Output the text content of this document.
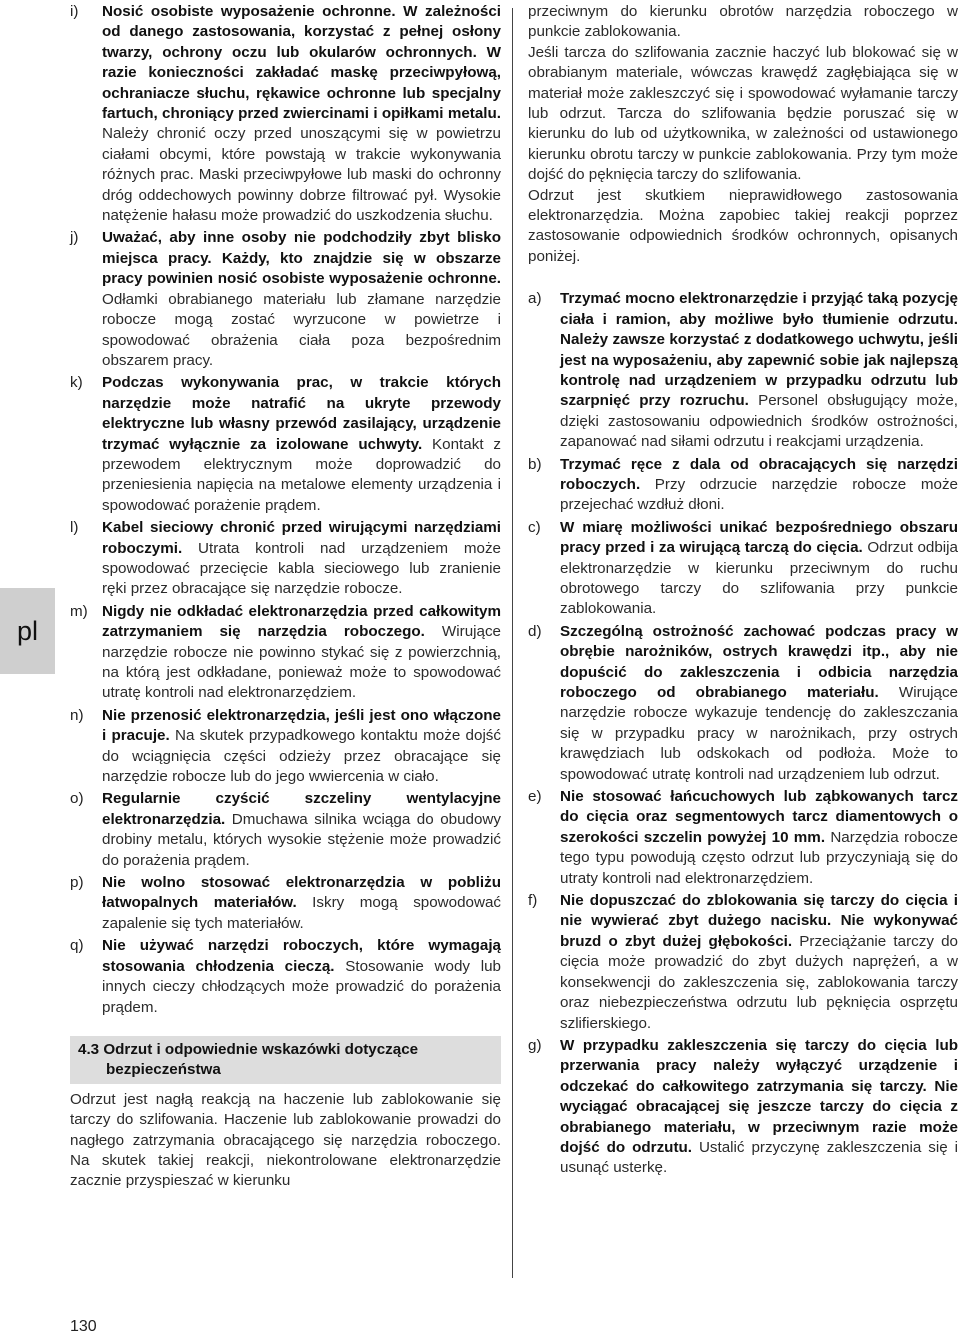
pl
130
i)	Nosić osobiste wyposażenie ochronne. W zależności od danego zastosowania, korzystać z pełnej osłony twarzy, ochrony oczu lub okularów ochronnych. W razie konieczności zakładać maskę przeciwpyłową, ochraniacze słuchu, rękawice ochronne lub specjalny fartuch, chroniący przed zwiercinami i opiłkami metalu. Należy chronić oczy przed unoszącymi się w powietrzu ciałami obcymi, które powstają w trakcie wykonywania różnych prac. Maski przeciwpyłowe lub maski do ochronny dróg oddechowych powinny dobrze filtrować pył. Wysokie natężenie hałasu może prowadzić do uszkodzenia słuchu.
j)	Uważać, aby inne osoby nie podchodziły zbyt blisko miejsca pracy. Każdy, kto znajdzie się w obszarze pracy powinien nosić osobiste wyposażenie ochronne. Odłamki obrabianego materiału lub złamane narzędzie robocze mogą zostać wyrzucone w powietrze i spowodować obrażenia ciała poza bezpośrednim obszarem pracy.
k)	Podczas wykonywania prac, w trakcie których narzędzie może natrafić na ukryte przewody elektryczne lub własny przewód zasilający, urządzenie trzymać wyłącznie za izolowane uchwyty. Kontakt z przewodem elektrycznym może doprowadzić do przeniesienia napięcia na metalowe elementy urządzenia i spowodować porażenie prądem.
l)	Kabel sieciowy chronić przed wirującymi narzędziami roboczymi. Utrata kontroli nad urządzeniem może spowodować przecięcie kabla sieciowego lub zranienie ręki przez obracające się narzędzie robocze.
m) Nigdy nie odkładać elektronarzędzia przed całkowitym zatrzymaniem się narzędzia roboczego. Wirujące narzędzie robocze nie powinno stykać się z powierzchnią, na którą jest odkładane, ponieważ może to spowodować utratę kontroli nad elektronarzędziem.
n)	Nie przenosić elektronarzędzia, jeśli jest ono włączone i pracuje. Na skutek przypadkowego kontaktu może dojść do wciągnięcia części odzieży przez obracające się narzędzie robocze lub do jego wwiercenia w ciało.
o)	Regularnie czyścić szczeliny wentylacyjne elektronarzędzia. Dmuchawa silnika wciąga do obudowy drobiny metalu, których wysokie stężenie może prowadzić do porażenia prądem.
p)	Nie wolno stosować elektronarzędzia w pobliżu łatwopalnych materiałów. Iskry mogą spowodować zapalenie się tych materiałów.
q)	Nie używać narzędzi roboczych, które wymagają stosowania chłodzenia cieczą. Stosowanie wody lub innych cieczy chłodzących może prowadzić do porażenia prądem.
4.3 Odrzut i odpowiednie wskazówki dotyczące
bezpieczeństwa

Odrzut jest nagłą reakcją na haczenie lub zablokowanie się tarczy do szlifowania. Haczenie lub zablokowanie prowadzi do nagłego zatrzymania obracającego się narzędzia roboczego. Na skutek takiej reakcji, niekontrolowane elektronarzędzie zacznie przyspieszać w kierunku

przeciwnym do kierunku obrotów narzędzia roboczego w punkcie zablokowania.

Jeśli tarcza do szlifowania zacznie haczyć lub blokować się w obrabianym materiale, wówczas krawędź zagłębiająca się w materiał może zakleszczyć się i spowodować wyłamanie tarczy lub odrzut. Tarcza do szlifowania będzie poruszać się w kierunku do lub od użytkownika, w zależności od ustawionego kierunku obrotu tarczy w punkcie zablokowania. Przy tym może dojść do pęknięcia tarczy do szlifowania.

Odrzut jest skutkiem nieprawidłowego zastosowania elektronarzędzia. Można zapobiec takiej reakcji poprzez zastosowanie odpowiednich środków ochronnych, opisanych poniżej.

a)	Trzymać mocno elektronarzędzie i przyjąć taką pozycję ciała i ramion, aby możliwe było tłumienie odrzutu. Należy zawsze korzystać z dodatkowego uchwytu, jeśli jest na wyposażeniu, aby zapewnić sobie jak najlepszą kontrolę nad urządzeniem w przypadku odrzutu lub szarpnięć przy rozruchu. Personel obsługujący może, dzięki zastosowaniu odpowiednich środków ostrożności, zapanować nad siłami odrzutu i reakcjami urządzenia.
b)	Trzymać ręce z dala od obracających się narzędzi roboczych. Przy odrzucie narzędzie robocze może przejechać wzdłuż dłoni.
c)	W miarę możliwości unikać bezpośredniego obszaru pracy przed i za wirującą tarczą do cięcia. Odrzut odbija elektronarzędzie w kierunku przeciwnym do ruchu obrotowego tarczy do szlifowania przy punkcie zablokowania.
d)	Szczególną ostrożność zachować podczas pracy w obrębie narożników, ostrych krawędzi itp., aby nie dopuścić do zakleszczenia i odbicia narzędzia roboczego od obrabianego materiału. Wirujące narzędzie robocze wykazuje tendencję do zakleszczania się w przypadku pracy w narożnikach, przy ostrych krawędziach lub odskokach od podłoża. Może to spowodować utratę kontroli nad urządzeniem lub odrzut.
e)	Nie stosować łańcuchowych lub ząbkowanych tarcz do cięcia oraz segmentowych tarcz diamentowych o szerokości szczelin powyżej 10 mm. Narzędzia robocze tego typu powodują często odrzut lub przyczyniają się do utraty kontroli nad elektronarzędziem.
f)	Nie dopuszczać do zblokowania się tarczy do cięcia i nie wywierać zbyt dużego nacisku. Nie wykonywać bruzd o zbyt dużej głębokości. Przeciążanie tarczy do cięcia może prowadzić do zbyt dużych naprężeń, a w konsekwencji do zakleszczenia się, zablokowania tarczy oraz niebezpieczeństwa odrzutu lub pęknięcia osprzętu szlifierskiego.
g)	W przypadku zakleszczenia się tarczy do cięcia lub przerwania pracy należy wyłączyć urządzenie i odczekać do całkowitego zatrzymania się tarczy. Nie wyciągać obracającej się jeszcze tarczy do cięcia z obrabianego materiału, w przeciwnym razie może dojść do odrzutu. Ustalić przyczynę zakleszczenia się i usunąć usterkę.
